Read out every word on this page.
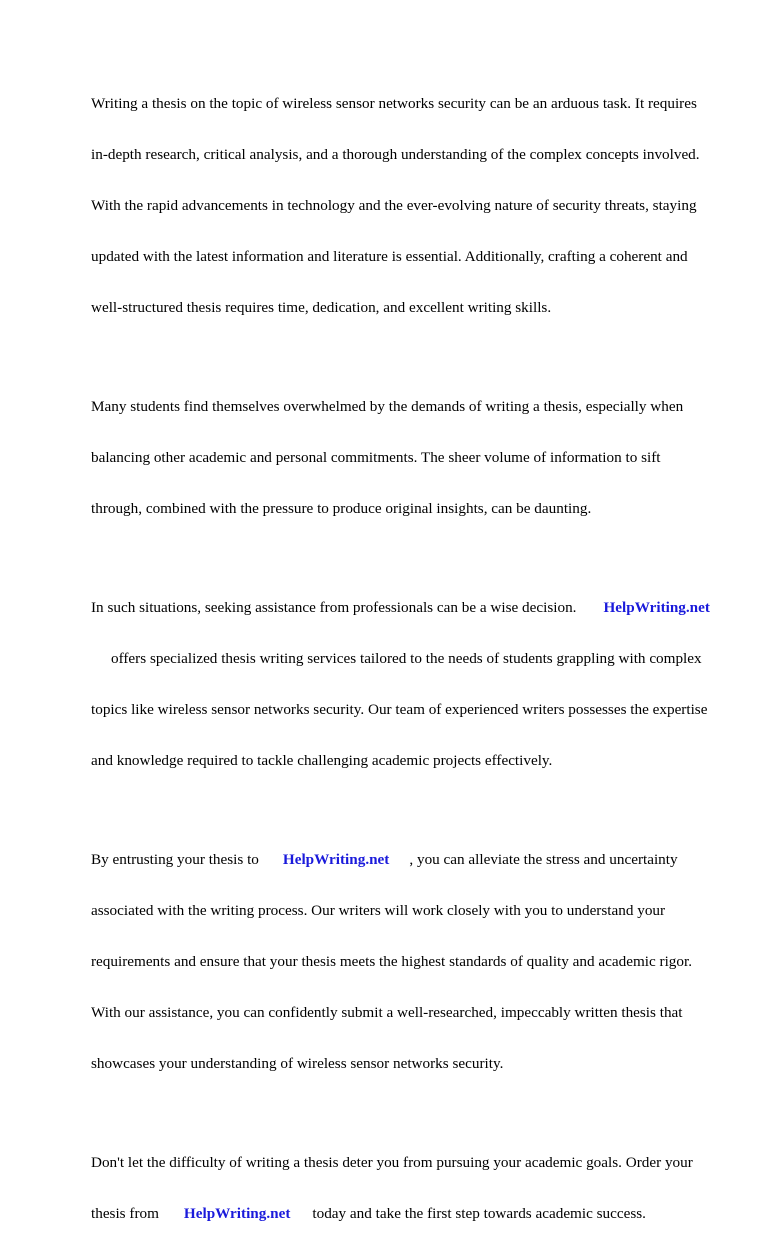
Writing a thesis on the topic of wireless sensor networks security can be an arduous task. It requires

in-depth research, critical analysis, and a thorough understanding of the complex concepts involved.

With the rapid advancements in technology and the ever-evolving nature of security threats, staying

updated with the latest information and literature is essential. Additionally, crafting a coherent and

well-structured thesis requires time, dedication, and excellent writing skills.

Many students find themselves overwhelmed by the demands of writing a thesis, especially when

balancing other academic and personal commitments. The sheer volume of information to sift

through, combined with the pressure to produce original insights, can be daunting.

In such situations, seeking assistance from professionals can be a wise decision. HelpWriting.net

offers specialized thesis writing services tailored to the needs of students grappling with complex

topics like wireless sensor networks security. Our team of experienced writers possesses the expertise

and knowledge required to tackle challenging academic projects effectively.

By entrusting your thesis to HelpWriting.net , you can alleviate the stress and uncertainty

associated with the writing process. Our writers will work closely with you to understand your

requirements and ensure that your thesis meets the highest standards of quality and academic rigor.

With our assistance, you can confidently submit a well-researched, impeccably written thesis that

showcases your understanding of wireless sensor networks security.

Don't let the difficulty of writing a thesis deter you from pursuing your academic goals. Order your

thesis from HelpWriting.net today and take the first step towards academic success.
